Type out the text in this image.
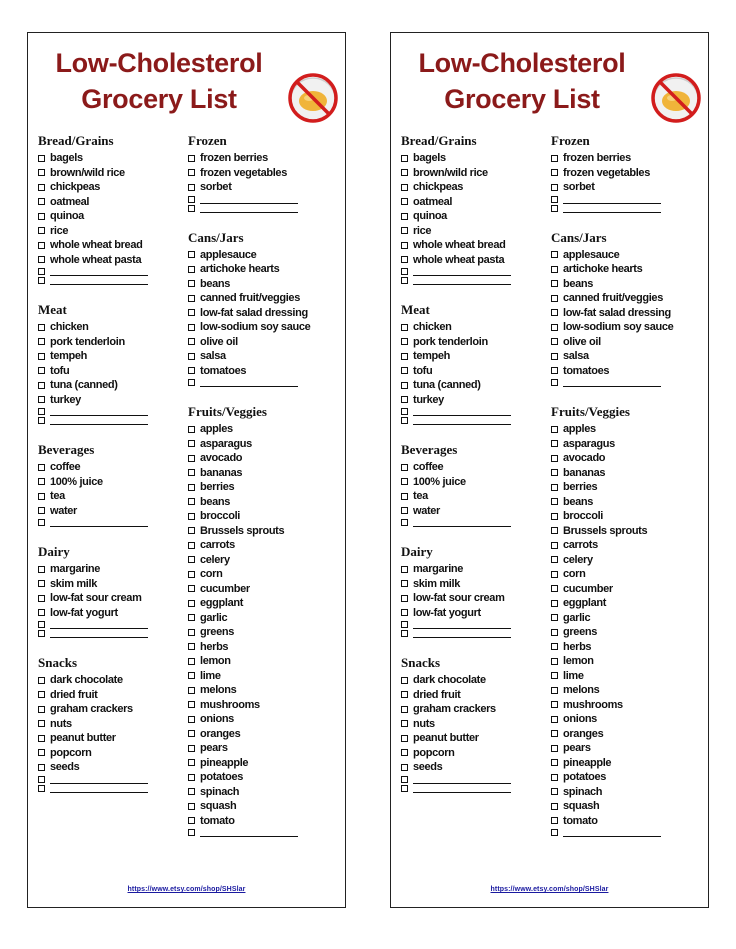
Low-Cholesterol
Grocery List
Bread/Grains
bagels
brown/wild rice
chickpeas
oatmeal
quinoa
rice
whole wheat bread
whole wheat pasta
Meat
chicken
pork tenderloin
tempeh
tofu
tuna (canned)
turkey
Beverages
coffee
100% juice
tea
water
Dairy
margarine
skim milk
low-fat sour cream
low-fat yogurt
Snacks
dark chocolate
dried fruit
graham crackers
nuts
peanut butter
popcorn
seeds
Frozen
frozen berries
frozen vegetables
sorbet
Cans/Jars
applesauce
artichoke hearts
beans
canned fruit/veggies
low-fat salad dressing
low-sodium soy sauce
olive oil
salsa
tomatoes
Fruits/Veggies
apples
asparagus
avocado
bananas
berries
beans
broccoli
Brussels sprouts
carrots
celery
corn
cucumber
eggplant
garlic
greens
herbs
lemon
lime
melons
mushrooms
onions
oranges
pears
pineapple
potatoes
spinach
squash
tomato
https://www.etsy.com/shop/SHSlar
Low-Cholesterol
Grocery List
Bread/Grains
bagels
brown/wild rice
chickpeas
oatmeal
quinoa
rice
whole wheat bread
whole wheat pasta
Meat
chicken
pork tenderloin
tempeh
tofu
tuna (canned)
turkey
Beverages
coffee
100% juice
tea
water
Dairy
margarine
skim milk
low-fat sour cream
low-fat yogurt
Snacks
dark chocolate
dried fruit
graham crackers
nuts
peanut butter
popcorn
seeds
Frozen
frozen berries
frozen vegetables
sorbet
Cans/Jars
applesauce
artichoke hearts
beans
canned fruit/veggies
low-fat salad dressing
low-sodium soy sauce
olive oil
salsa
tomatoes
Fruits/Veggies
apples
asparagus
avocado
bananas
berries
beans
broccoli
Brussels sprouts
carrots
celery
corn
cucumber
eggplant
garlic
greens
herbs
lemon
lime
melons
mushrooms
onions
oranges
pears
pineapple
potatoes
spinach
squash
tomato
https://www.etsy.com/shop/SHSlar
